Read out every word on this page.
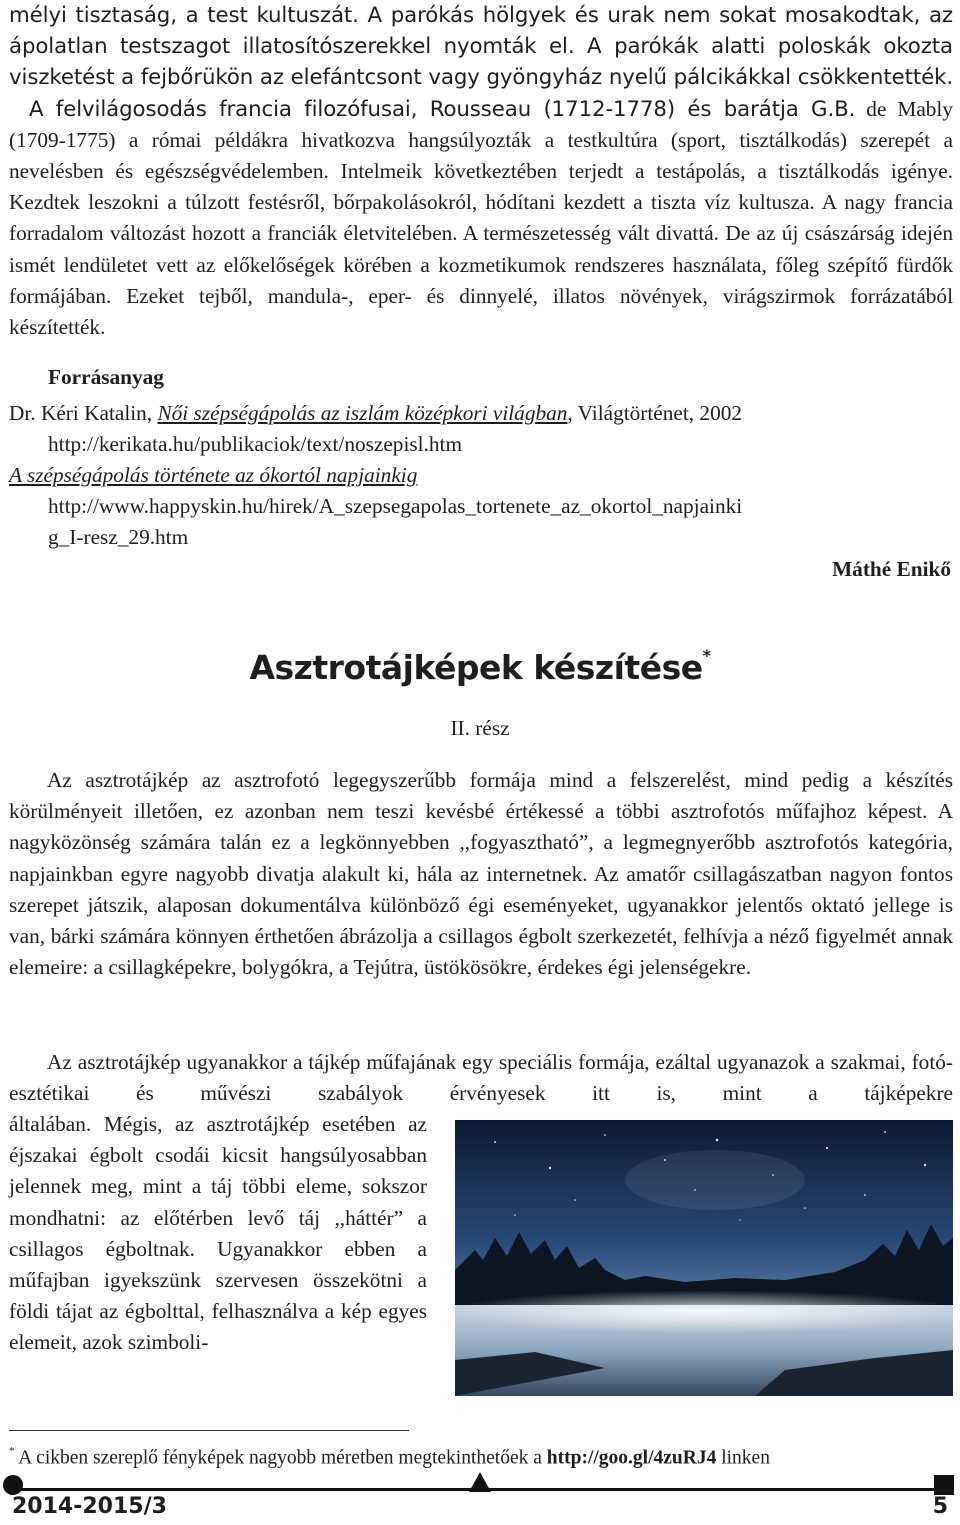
mélyi tisztaság, a test kultuszát. A parókás hölgyek és urak nem sokat mosakodtak, az
ápolatlan testszagot illatosítószerekkel nyomták el. A parókák alatti poloskák okozta
viszketést a fejbőrükön az elefántcsont vagy gyöngyház nyelű pálcikákkal csökkentették.
A felvilágosodás francia filozófusai, Rousseau (1712-1778) és barátja G.B. de Mably (1709-1775) a római példákra hivatkozva hangsúlyozták a testkultúra (sport, tisztálkodás) szerepét a nevelésben és egészségvédelemben. Intelmeik következtében terjedt a testápolás, a tisztálkodás igénye. Kezdtek leszokni a túlzott festésről, bőrpakolásokról, hódítani kezdett a tiszta víz kultusza. A nagy francia forradalom változást hozott a franciák életvitelében. A természetesség vált divattá. De az új császárság idején ismét lendületet vett az előkelőségek körében a kozmetikumok rendszeres használata, főleg szépítő fürdők formájában. Ezeket tejből, mandula-, eper- és dinnyelé, illatos növények, virágszirmok forrázatából készítették.

Forrásanyag
Dr. Kéri Katalin, Női szépségápolás az iszlám középkori világban, Világtörténet, 2002
http://kerikata.hu/publikaciok/text/noszepisl.htm
A szépségápolás története az ókortól napjainkig
http://www.happyskin.hu/hirek/A_szepsegapolas_tortenete_az_okortol_napjainki
g_I-resz_29.htm
Máthé Enikő
Asztrotájképek készítése*
II. rész

Az asztrotájkép az asztrofotó legegyszerűbb formája mind a felszerelést, mind pedig a készítés körülményeit illetően, ez azonban nem teszi kevésbé értékessé a többi asztrofotós műfajhoz képest. A nagyközönség számára talán ez a legkönnyebben ,,fogyasztható”, a legmegnyerőbb asztrofotós kategória, napjainkban egyre nagyobb divatja alakult ki, hála az internetnek. Az amatőr csillagászatban nagyon fontos szerepet játszik, alaposan dokumentálva különböző égi eseményeket, ugyanakkor jelentős oktató jellege is van, bárki számára könnyen érthetően ábrázolja a csillagos égbolt szerkezetét, felhívja a néző figyelmét annak elemeire: a csillagképekre, bolygókra, a Tejútra, üstökösökre, érdekes égi jelenségekre.

Az asztrotájkép ugyanakkor a tájkép műfajának egy speciális formája, ezáltal ugyanazok a szakmai, fotó-esztétikai és művészi szabályok érvényesek itt is, mint a tájképekre

általában. Mégis, az asztrotájkép esetében az éjszakai égbolt csodái kicsit hangsúlyosabban jelennek meg, mint a táj többi eleme, sokszor mondhatni: az előtérben levő táj ,,háttér” a csillagos égboltnak. Ugyanakkor ebben a műfajban igyekszünk szervesen összekötni a földi tájat az égbolttal, felhasználva a kép egyes elemeit, azok szimboli-

* A cikben szereplő fényképek nagyobb méretben megtekinthetőek a http://goo.gl/4zuRJ4 linken
2014-2015/3	5
